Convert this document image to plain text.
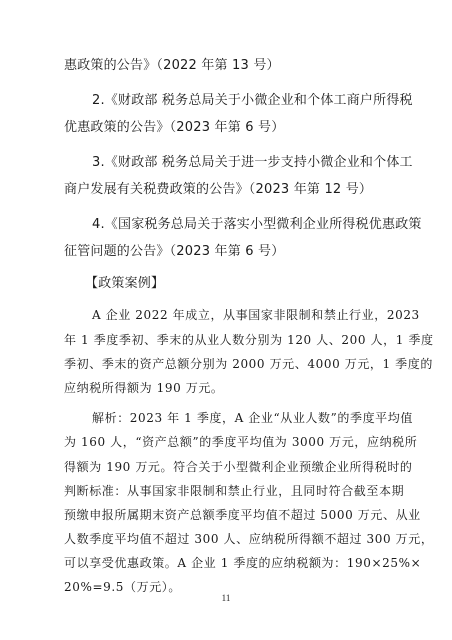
惠政策的公告》（2022 年第 13 号）
2.《财政部 税务总局关于小微企业和个体工商户所得税
优惠政策的公告》（2023 年第 6 号）
3.《财政部 税务总局关于进一步支持小微企业和个体工
商户发展有关税费政策的公告》（2023 年第 12 号）
4.《国家税务总局关于落实小型微利企业所得税优惠政策
征管问题的公告》（2023 年第 6 号）
【政策案例】
A 企业 2022 年成立，从事国家非限制和禁止行业，2023
年 1 季度季初、季末的从业人数分别为 120 人、200 人，1 季度
季初、季末的资产总额分别为 2000 万元、4000 万元，1 季度的
应纳税所得额为 190 万元。
解析：2023 年 1 季度，A 企业“从业人数”的季度平均值
为 160 人，“资产总额”的季度平均值为 3000 万元，应纳税所
得额为 190 万元。符合关于小型微利企业预缴企业所得税时的
判断标准：从事国家非限制和禁止行业，且同时符合截至本期
预缴申报所属期末资产总额季度平均值不超过 5000 万元、从业
人数季度平均值不超过 300 人、应纳税所得额不超过 300 万元，
可以享受优惠政策。A 企业 1 季度的应纳税额为：190×25%×
20%=9.5（万元）。
11
